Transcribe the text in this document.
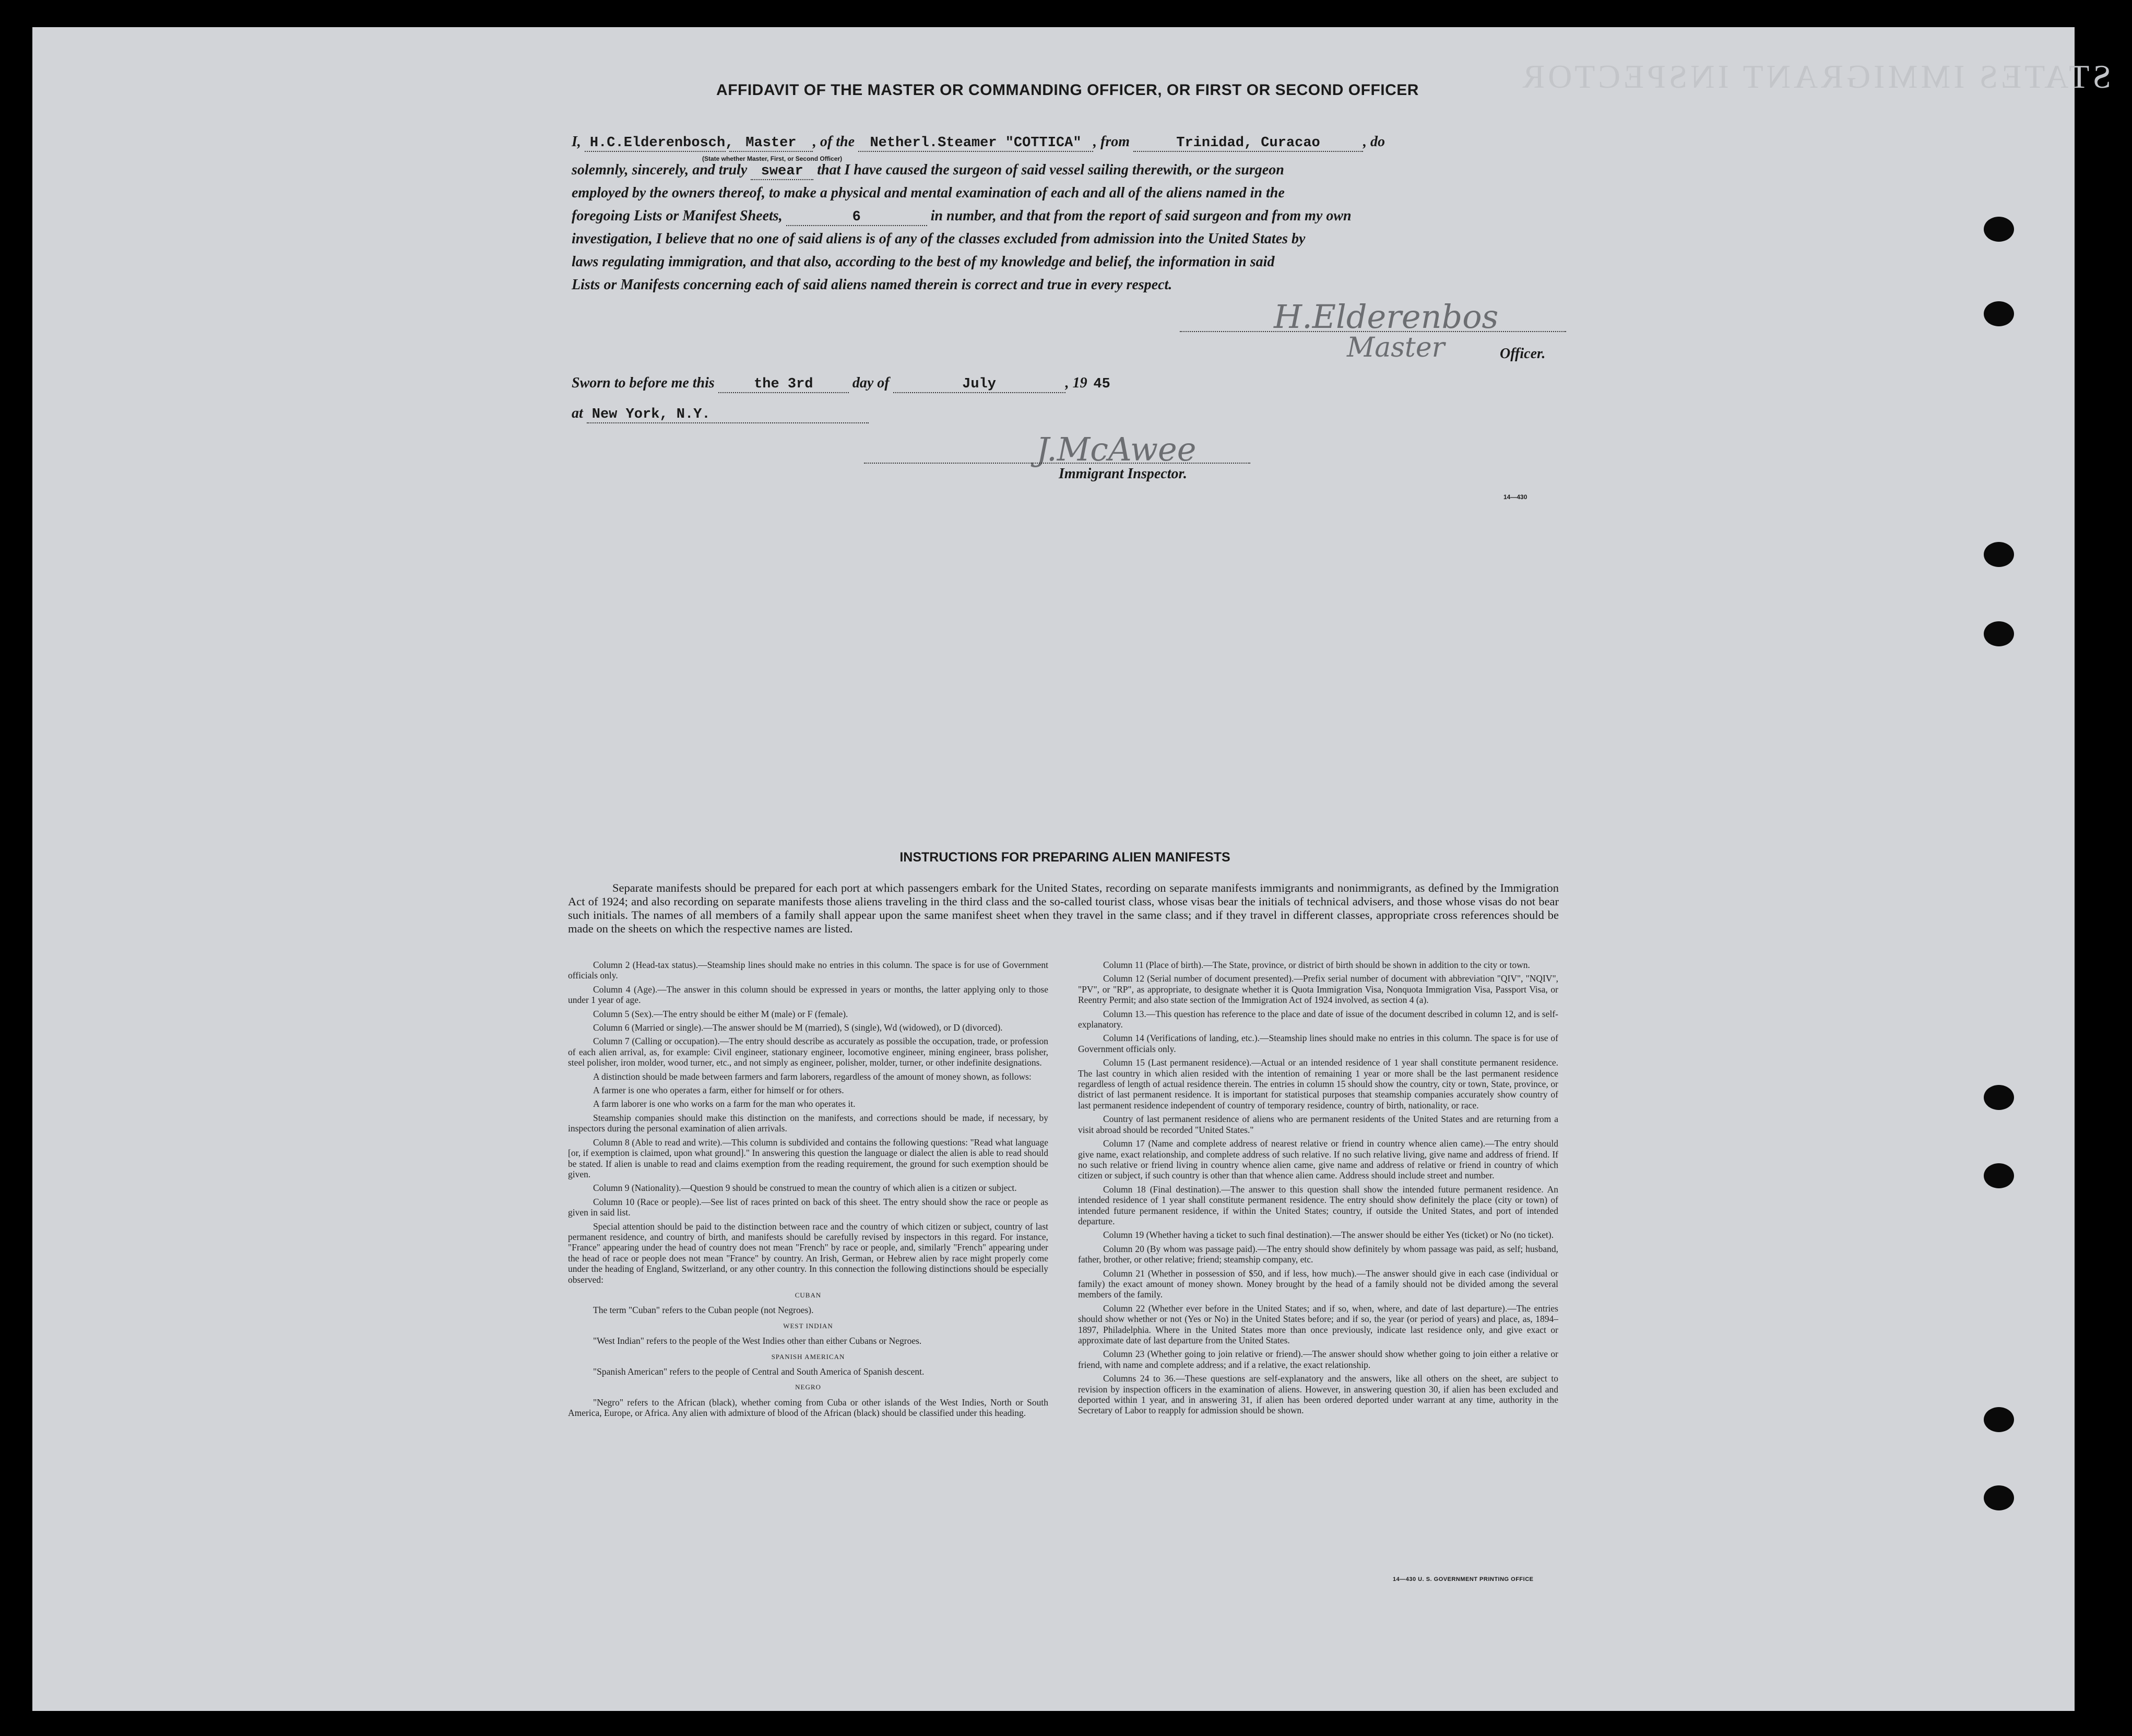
STATES IMMIGRANT INSPECTOR
AFFIDAVIT OF THE MASTER OR COMMANDING OFFICER, OR FIRST OR SECOND OFFICER
I, H.C.Elderenbosch, Master , of the Netherl.Steamer "COTTICA" , from	Trinidad, Curacao	, do
(State whether Master, First, or Second Officer)
solemnly, sincerely, and truly swear that I have caused the surgeon of said vessel sailing therewith, or the surgeon
employed by the owners thereof, to make a physical and mental examination of each and all of the aliens named in the
foregoing Lists or Manifest Sheets,	6	in number, and that from the report of said surgeon and from my own
investigation, I believe that no one of said aliens is of any of the classes excluded from admission into the United States by
laws regulating immigration, and that also, according to the best of my knowledge and belief, the information in said
Lists or Manifests concerning each of said aliens named therein is correct and true in every respect.
H.Elderenbos
Master	Officer.
Sworn to before me this	the 3rd	day of	July	, 19 45
at New York, N.Y.
J.McAwee
Immigrant Inspector.
14—430
INSTRUCTIONS FOR PREPARING ALIEN MANIFESTS
Separate manifests should be prepared for each port at which passengers embark for the United States, recording on separate manifests immigrants and nonimmigrants, as defined by the Immigration Act of 1924; and also recording on separate manifests those aliens traveling in the third class and the so-called tourist class, whose visas bear the initials of technical advisers, and those whose visas do not bear such initials. The names of all members of a family shall appear upon the same manifest sheet when they travel in the same class; and if they travel in different classes, appropriate cross references should be made on the sheets on which the respective names are listed.

Column 2 (Head-tax status).—Steamship lines should make no entries in this column. The space is for use of Government officials only.

Column 4 (Age).—The answer in this column should be expressed in years or months, the latter applying only to those under 1 year of age.

Column 5 (Sex).—The entry should be either M (male) or F (female).

Column 6 (Married or single).—The answer should be M (married), S (single), Wd (widowed), or D (divorced).

Column 7 (Calling or occupation).—The entry should describe as accurately as possible the occupation, trade, or profession of each alien arrival, as, for example: Civil engineer, stationary engineer, locomotive engineer, mining engineer, brass polisher, steel polisher, iron molder, wood turner, etc., and not simply as engineer, polisher, molder, turner, or other indefinite designations.

A distinction should be made between farmers and farm laborers, regardless of the amount of money shown, as follows:

A farmer is one who operates a farm, either for himself or for others.

A farm laborer is one who works on a farm for the man who operates it.

Steamship companies should make this distinction on the manifests, and corrections should be made, if necessary, by inspectors during the personal examination of alien arrivals.

Column 8 (Able to read and write).—This column is subdivided and contains the following questions: "Read what language [or, if exemption is claimed, upon what ground]." In answering this question the language or dialect the alien is able to read should be stated. If alien is unable to read and claims exemption from the reading requirement, the ground for such exemption should be given.

Column 9 (Nationality).—Question 9 should be construed to mean the country of which alien is a citizen or subject.

Column 10 (Race or people).—See list of races printed on back of this sheet. The entry should show the race or people as given in said list.

Special attention should be paid to the distinction between race and the country of which citizen or subject, country of last permanent residence, and country of birth, and manifests should be carefully revised by inspectors in this regard. For instance, "France" appearing under the head of country does not mean "French" by race or people, and, similarly "French" appearing under the head of race or people does not mean "France" by country. An Irish, German, or Hebrew alien by race might properly come under the heading of England, Switzerland, or any other country. In this connection the following distinctions should be especially observed:

CUBAN

The term "Cuban" refers to the Cuban people (not Negroes).

WEST INDIAN

"West Indian" refers to the people of the West Indies other than either Cubans or Negroes.

SPANISH AMERICAN

"Spanish American" refers to the people of Central and South America of Spanish descent.

NEGRO

"Negro" refers to the African (black), whether coming from Cuba or other islands of the West Indies, North or South America, Europe, or Africa. Any alien with admixture of blood of the African (black) should be classified under this heading.

Column 11 (Place of birth).—The State, province, or district of birth should be shown in addition to the city or town.

Column 12 (Serial number of document presented).—Prefix serial number of document with abbreviation "QIV", "NQIV", "PV", or "RP", as appropriate, to designate whether it is Quota Immigration Visa, Nonquota Immigration Visa, Passport Visa, or Reentry Permit; and also state section of the Immigration Act of 1924 involved, as section 4 (a).

Column 13.—This question has reference to the place and date of issue of the document described in column 12, and is self-explanatory.

Column 14 (Verifications of landing, etc.).—Steamship lines should make no entries in this column. The space is for use of Government officials only.

Column 15 (Last permanent residence).—Actual or an intended residence of 1 year shall constitute permanent residence. The last country in which alien resided with the intention of remaining 1 year or more shall be the last permanent residence regardless of length of actual residence therein. The entries in column 15 should show the country, city or town, State, province, or district of last permanent residence. It is important for statistical purposes that steamship companies accurately show country of last permanent residence independent of country of temporary residence, country of birth, nationality, or race.

Country of last permanent residence of aliens who are permanent residents of the United States and are returning from a visit abroad should be recorded "United States."

Column 17 (Name and complete address of nearest relative or friend in country whence alien came).—The entry should give name, exact relationship, and complete address of such relative. If no such relative living, give name and address of friend. If no such relative or friend living in country whence alien came, give name and address of relative or friend in country of which citizen or subject, if such country is other than that whence alien came. Address should include street and number.

Column 18 (Final destination).—The answer to this question shall show the intended future permanent residence. An intended residence of 1 year shall constitute permanent residence. The entry should show definitely the place (city or town) of intended future permanent residence, if within the United States; country, if outside the United States, and port of intended departure.

Column 19 (Whether having a ticket to such final destination).—The answer should be either Yes (ticket) or No (no ticket).

Column 20 (By whom was passage paid).—The entry should show definitely by whom passage was paid, as self; husband, father, brother, or other relative; friend; steamship company, etc.

Column 21 (Whether in possession of $50, and if less, how much).—The answer should give in each case (individual or family) the exact amount of money shown. Money brought by the head of a family should not be divided among the several members of the family.

Column 22 (Whether ever before in the United States; and if so, when, where, and date of last departure).—The entries should show whether or not (Yes or No) in the United States before; and if so, the year (or period of years) and place, as, 1894–1897, Philadelphia. Where in the United States more than once previously, indicate last residence only, and give exact or approximate date of last departure from the United States.

Column 23 (Whether going to join relative or friend).—The answer should show whether going to join either a relative or friend, with name and complete address; and if a relative, the exact relationship.

Columns 24 to 36.—These questions are self-explanatory and the answers, like all others on the sheet, are subject to revision by inspection officers in the examination of aliens. However, in answering question 30, if alien has been excluded and deported within 1 year, and in answering 31, if alien has been ordered deported under warrant at any time, authority in the Secretary of Labor to reapply for admission should be shown.

14—430 U. S. GOVERNMENT PRINTING OFFICE
